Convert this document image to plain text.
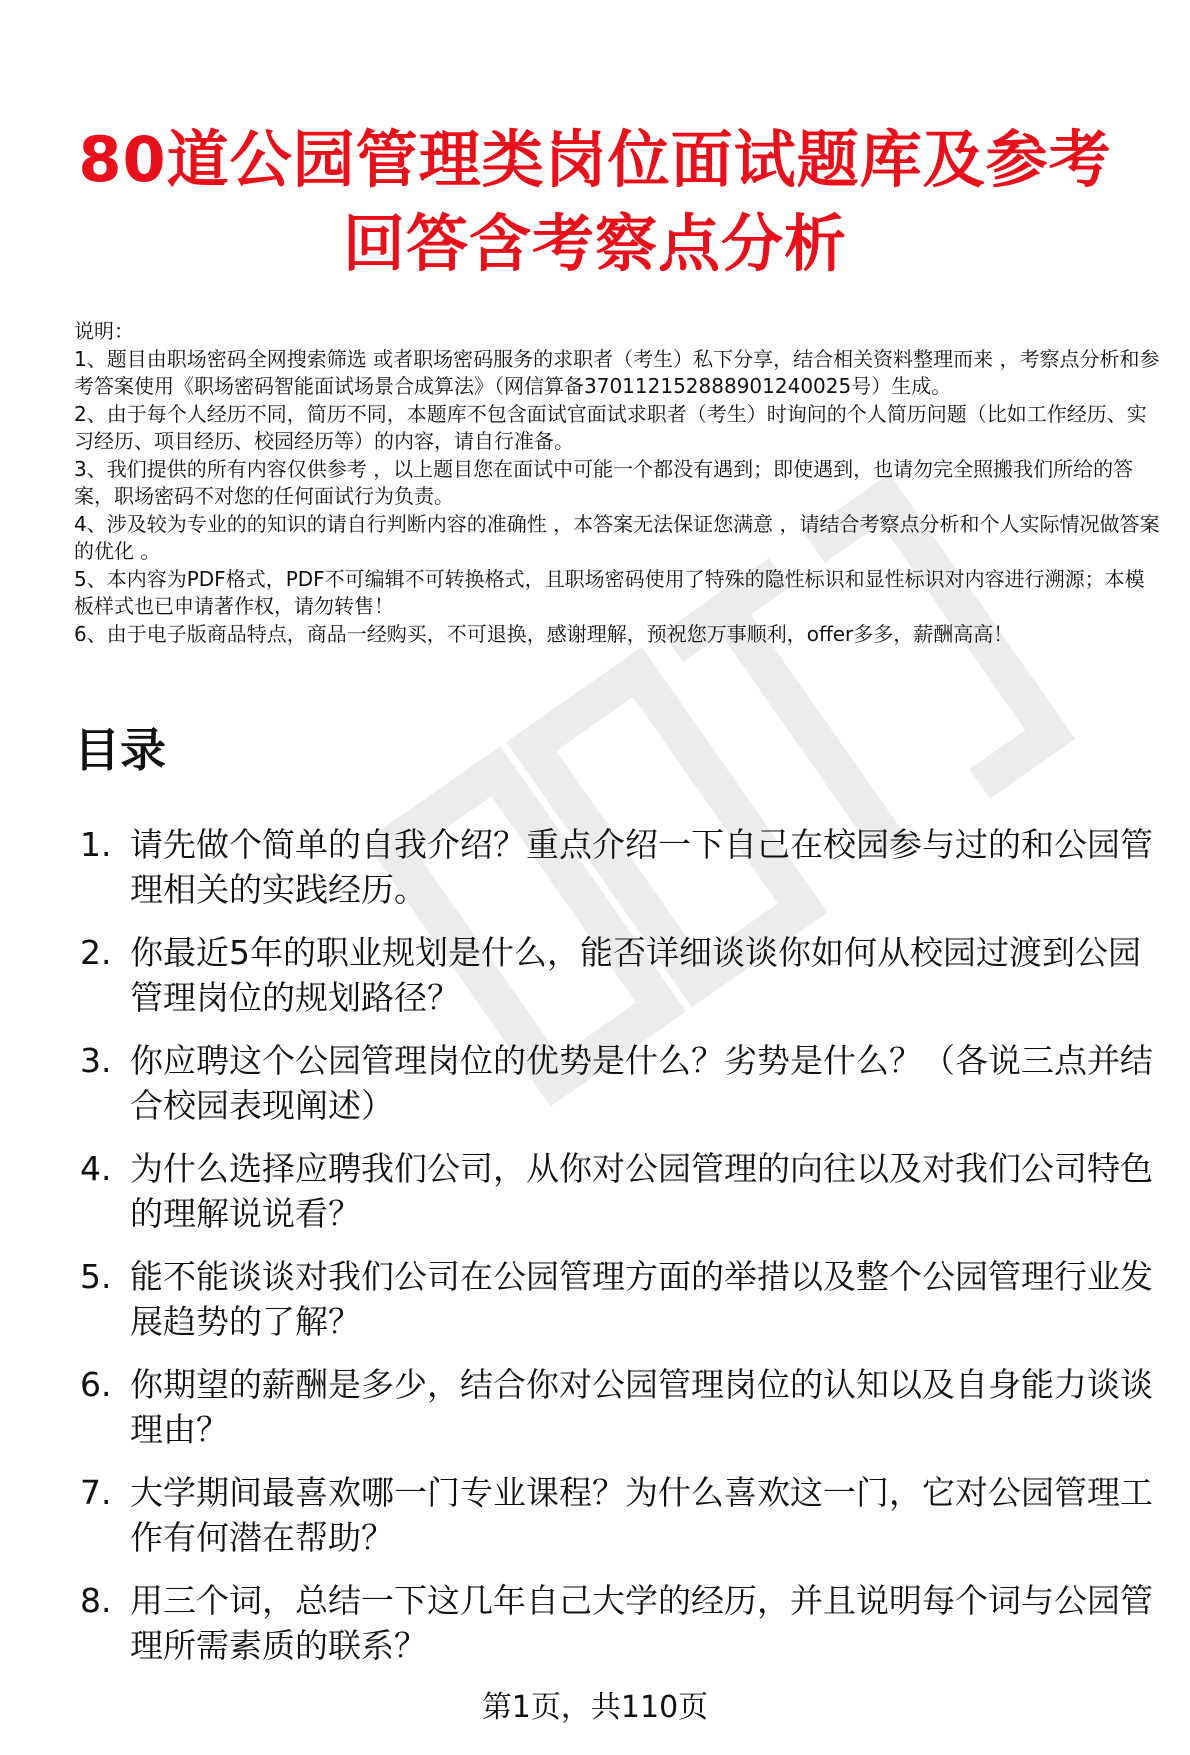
80道公园管理类岗位面试题库及参考回答含考察点分析

说明：

1、题目由职场密码全网搜索筛选 或者职场密码服务的求职者（考生）私下分享，结合相关资料整理而来 ，考察点分析和参考答案使用《职场密码智能面试场景合成算法》（网信算备370112152888901240025号）生成。

2、由于每个人经历不同，简历不同，本题库不包含面试官面试求职者（考生）时询问的个人简历问题（比如工作经历、实习经历、项目经历、校园经历等）的内容，请自行准备。

3、我们提供的所有内容仅供参考 ，以上题目您在面试中可能一个都没有遇到；即使遇到，也请勿完全照搬我们所给的答案，职场密码不对您的任何面试行为负责。

4、涉及较为专业的的知识的请自行判断内容的准确性 ，本答案无法保证您满意 ，请结合考察点分析和个人实际情况做答案的优化 。

5、本内容为PDF格式，PDF不可编辑不可转换格式，且职场密码使用了特殊的隐性标识和显性标识对内容进行溯源；本模板样式也已申请著作权，请勿转售！

6、由于电子版商品特点，商品一经购买，不可退换，感谢理解，预祝您万事顺利，offer多多，薪酬高高！

目录
1. 请先做个简单的自我介绍？重点介绍一下自己在校园参与过的和公园管理相关的实践经历。
2. 你最近5年的职业规划是什么，能否详细谈谈你如何从校园过渡到公园管理岗位的规划路径？
3. 你应聘这个公园管理岗位的优势是什么？劣势是什么？（各说三点并结合校园表现阐述）
4. 为什么选择应聘我们公司，从你对公园管理的向往以及对我们公司特色的理解说说看？
5. 能不能谈谈对我们公司在公园管理方面的举措以及整个公园管理行业发展趋势的了解？
6. 你期望的薪酬是多少，结合你对公园管理岗位的认知以及自身能力谈谈理由？
7. 大学期间最喜欢哪一门专业课程？为什么喜欢这一门，它对公园管理工作有何潜在帮助？
8. 用三个词，总结一下这几年自己大学的经历，并且说明每个词与公园管理所需素质的联系？
第1页，共110页
